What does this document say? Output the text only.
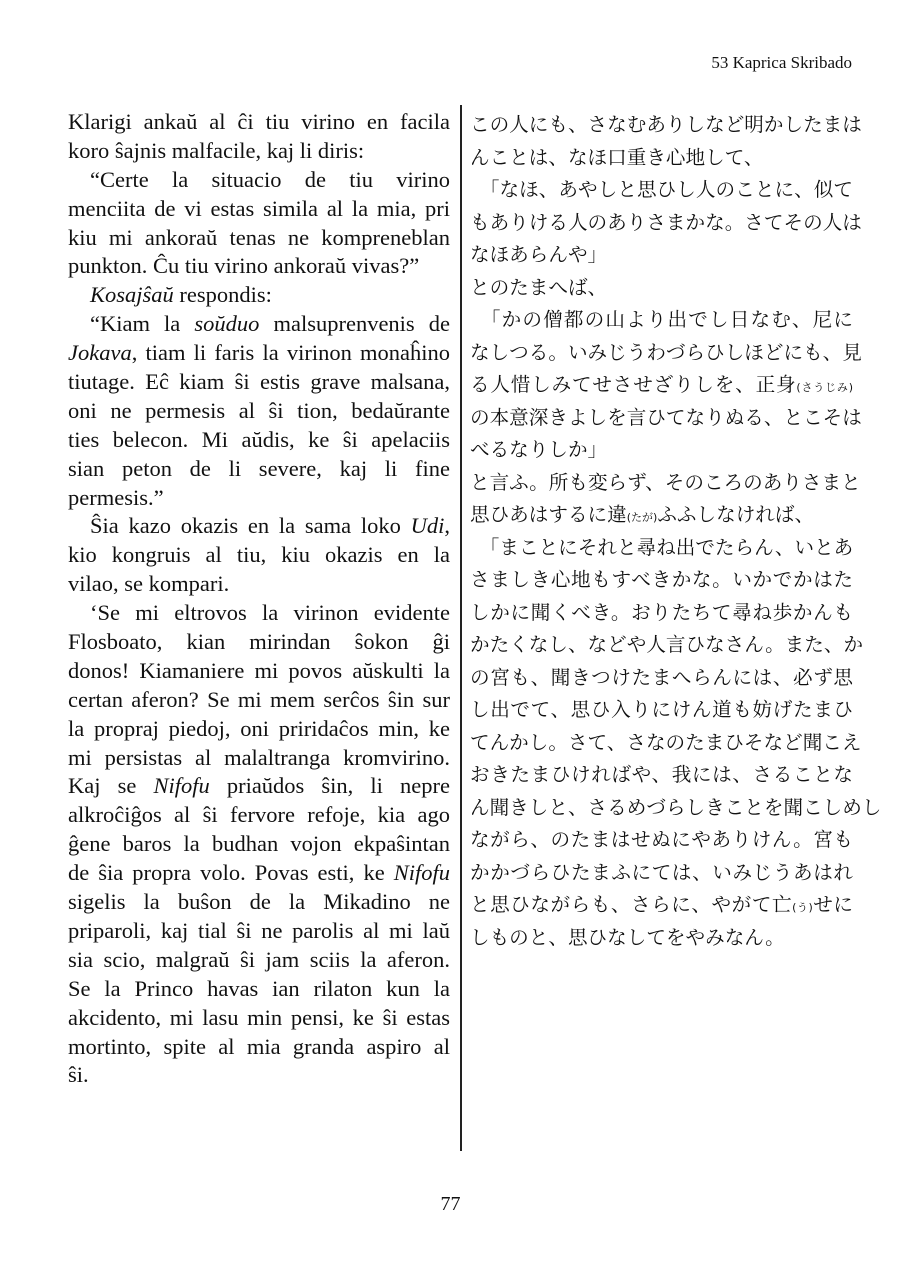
53 Kaprica Skribado
Klarigi ankaŭ al ĉi tiu virino en facila
koro ŝajnis malfacile, kaj li diris:
“Certe la situacio de tiu virino
menciita de vi estas simila al la mia, pri
kiu mi ankoraŭ tenas ne kompreneblan
punkton. Ĉu tiu virino ankoraŭ vivas?”
Kosajŝaŭ respondis:
“Kiam la soŭduo malsuprenvenis de
Jokava, tiam li faris la virinon monaĥino
tiutage. Eĉ kiam ŝi estis grave malsana,
oni ne permesis al ŝi tion, bedaŭrante
ties belecon. Mi aŭdis, ke ŝi apelaciis
sian peton de li severe, kaj li fine
permesis.”
Ŝia kazo okazis en la sama loko Udi,
kio kongruis al tiu, kiu okazis en la
vilao, se kompari.
‘Se mi eltrovos la virinon evidente
Flosboato, kian mirindan ŝokon ĝi
donos! Kiamaniere mi povos aŭskulti la
certan aferon? Se mi mem serĉos ŝin sur
la propraj piedoj, oni priridaĉos min, ke
mi persistas al malaltranga kromvirino.
Kaj se Nifofu priaŭdos ŝin, li nepre
alkroĉiĝos al ŝi fervore refoje, kia ago
ĝene baros la budhan vojon ekpaŝintan
de ŝia propra volo. Povas esti, ke Nifofu
sigelis la buŝon de la Mikadino ne
priparoli, kaj tial ŝi ne parolis al mi laŭ
sia scio, malgraŭ ŝi jam sciis la aferon.
Se la Princo havas ian rilaton kun la
akcidento, mi lasu min pensi, ke ŝi estas
mortinto, spite al mia granda aspiro al
ŝi.
この人にも、さなむありしなど明かしたまは
んことは、なほ口重き心地して、
　「なほ、あやしと思ひし人のことに、似て
もありける人のありさまかな。さてその人は
なほあらんや」
とのたまへば、
　「かの僧都の山より出でし日なむ、尼に
なしつる。いみじうわづらひしほどにも、見
る人惜しみてせさせざりしを、正身(さうじみ)
の本意深きよしを言ひてなりぬる、とこそは
べるなりしか」
と言ふ。所も変らず、そのころのありさまと
思ひあはするに違(たが)ふふしなければ、
　「まことにそれと尋ね出でたらん、いとあ
さましき心地もすべきかな。いかでかはた
しかに聞くべき。おりたちて尋ね歩かんも
かたくなし、などや人言ひなさん。また、か
の宮も、聞きつけたまへらんには、必ず思
し出でて、思ひ入りにけん道も妨げたまひ
てんかし。さて、さなのたまひそなど聞こえ
おきたまひければや、我には、さることな
ん聞きしと、さるめづらしきことを聞こしめし
ながら、のたまはせぬにやありけん。宮も
かかづらひたまふにては、いみじうあはれ
と思ひながらも、さらに、やがて亡(う)せに
しものと、思ひなしてをやみなん。
77
